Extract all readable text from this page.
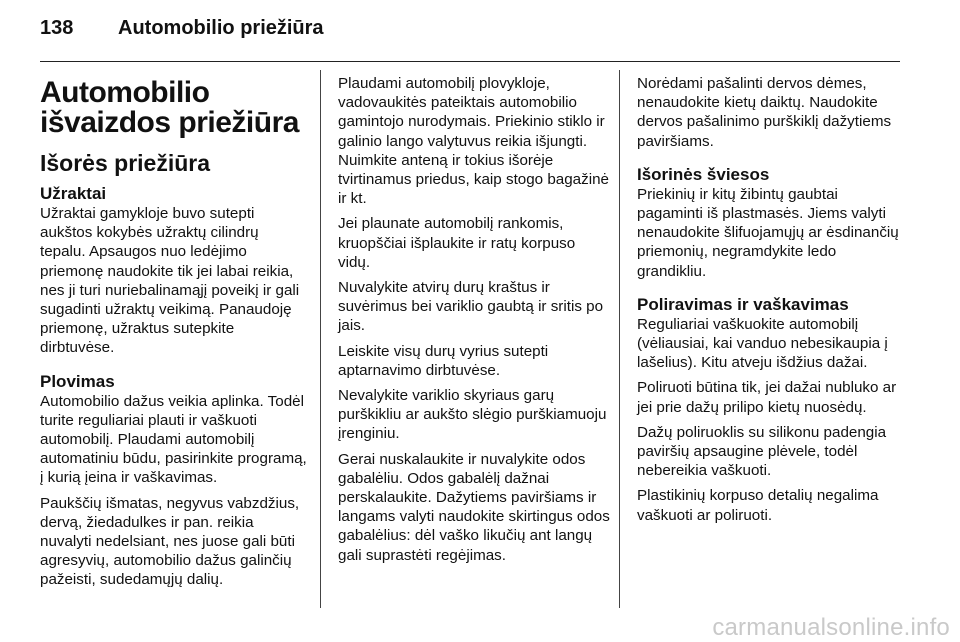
138 Automobilio priežiūra
Automobilio išvaizdos priežiūra
Išorės priežiūra
Užraktai

Užraktai gamykloje buvo sutepti aukštos kokybės užraktų cilindrų tepalu. Apsaugos nuo ledėjimo priemonę naudokite tik jei labai reikia, nes ji turi nuriebalinamąjį poveikį ir gali sugadinti užraktų veikimą. Panaudoję priemonę, užraktus sutepkite dirbtuvėse.

Plovimas

Automobilio dažus veikia aplinka. Todėl turite reguliariai plauti ir vaškuoti automobilį. Plaudami automobilį automatiniu būdu, pasirinkite programą, į kurią įeina ir vaškavimas.

Paukščių išmatas, negyvus vabzdžius, dervą, žiedadulkes ir pan. reikia nuvalyti nedelsiant, nes juose gali būti agresyvių, automobilio dažus galinčių pažeisti, sudedamųjų dalių.

Plaudami automobilį plovykloje, vadovaukitės pateiktais automobilio gamintojo nurodymais. Priekinio stiklo ir galinio lango valytuvus reikia išjungti. Nuimkite anteną ir tokius išorėje tvirtinamus priedus, kaip stogo bagažinė ir kt.

Jei plaunate automobilį rankomis, kruopščiai išplaukite ir ratų korpuso vidų.

Nuvalykite atvirų durų kraštus ir suvėrimus bei variklio gaubtą ir sritis po jais.

Leiskite visų durų vyrius sutepti aptarnavimo dirbtuvėse.

Nevalykite variklio skyriaus garų purškikliu ar aukšto slėgio purškiamuoju įrenginiu.

Gerai nuskalaukite ir nuvalykite odos gabalėliu. Odos gabalėlį dažnai perskalaukite. Dažytiems paviršiams ir langams valyti naudokite skirtingus odos gabalėlius: dėl vaško likučių ant langų gali suprastėti regėjimas.

Norėdami pašalinti dervos dėmes, nenaudokite kietų daiktų. Naudokite dervos pašalinimo purškiklį dažytiems paviršiams.

Išorinės šviesos

Priekinių ir kitų žibintų gaubtai pagaminti iš plastmasės. Jiems valyti nenaudokite šlifuojamųjų ar ėsdinančių priemonių, negramdykite ledo grandikliu.

Poliravimas ir vaškavimas

Reguliariai vaškuokite automobilį (vėliausiai, kai vanduo nebesikaupia į lašelius). Kitu atveju išdžius dažai.

Poliruoti būtina tik, jei dažai nubluko ar jei prie dažų prilipo kietų nuosėdų.

Dažų poliruoklis su silikonu padengia paviršių apsaugine plėvele, todėl nebereikia vaškuoti.

Plastikinių korpuso detalių negalima vaškuoti ar poliruoti.

carmanualsonline.info
